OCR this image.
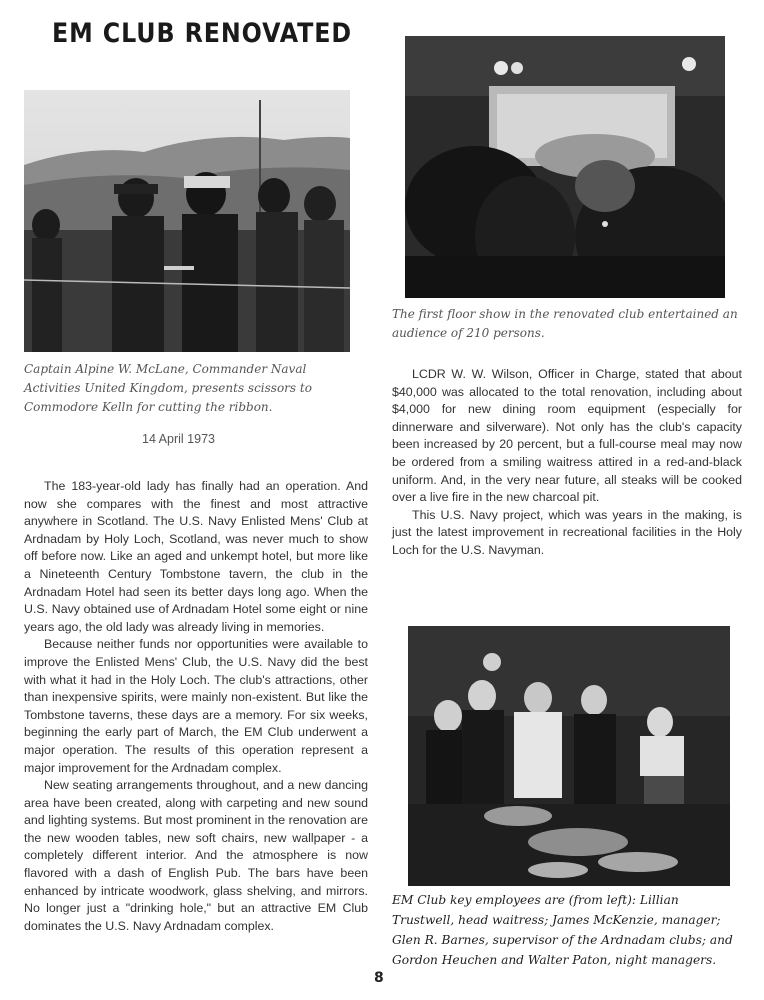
EM CLUB RENOVATED

Captain Alpine W. McLane, Commander Naval Activities United Kingdom, presents scissors to Commodore Kelln for cutting the ribbon.

14 April 1973

The 183-year-old lady has finally had an operation. And now she compares with the finest and most attractive anywhere in Scotland. The U.S. Navy Enlisted Mens' Club at Ardnadam by Holy Loch, Scotland, was never much to show off before now. Like an aged and unkempt hotel, but more like a Nineteenth Century Tombstone tavern, the club in the Ardnadam Hotel had seen its better days long ago. When the U.S. Navy obtained use of Ardnadam Hotel some eight or nine years ago, the old lady was already living in memories.

Because neither funds nor opportunities were available to improve the Enlisted Mens' Club, the U.S. Navy did the best with what it had in the Holy Loch. The club's attractions, other than inexpensive spirits, were mainly non-existent. But like the Tombstone taverns, these days are a memory. For six weeks, beginning the early part of March, the EM Club underwent a major operation. The results of this operation represent a major improvement for the Ardnadam complex.

New seating arrangements throughout, and a new dancing area have been created, along with carpeting and new sound and lighting systems. But most prominent in the renovation are the new wooden tables, new soft chairs, new wallpaper - a completely different interior. And the atmosphere is now flavored with a dash of English Pub. The bars have been enhanced by intricate woodwork, glass shelving, and mirrors. No longer just a "drinking hole," but an attractive EM Club dominates the U.S. Navy Ardnadam complex.

The first floor show in the renovated club entertained an audience of 210 persons.

LCDR W. W. Wilson, Officer in Charge, stated that about $40,000 was allocated to the total renovation, including about $4,000 for new dining room equipment (especially for dinnerware and silverware). Not only has the club's capacity been increased by 20 percent, but a full-course meal may now be ordered from a smiling waitress attired in a red-and-black uniform. And, in the very near future, all steaks will be cooked over a live fire in the new charcoal pit.

This U.S. Navy project, which was years in the making, is just the latest improvement in recreational facilities in the Holy Loch for the U.S. Navyman.

EM Club key employees are (from left): Lillian Trustwell, head waitress; James McKenzie, manager; Glen R. Barnes, supervisor of the Ardnadam clubs; and Gordon Heuchen and Walter Paton, night managers.

8
